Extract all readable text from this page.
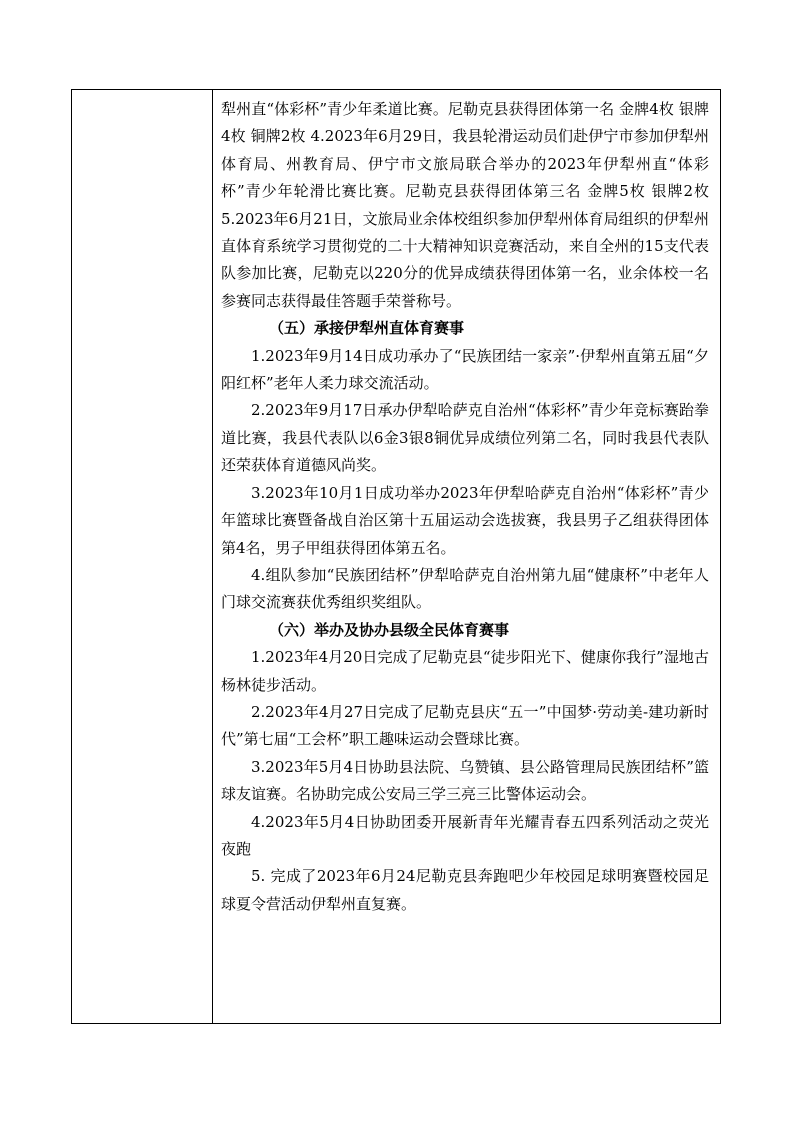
犁州直“体彩杯”青少年柔道比赛。尼勒克县获得团体第一名 金牌4枚 银牌4枚 铜牌2枚 4.2023年6月29日，我县轮滑运动员们赴伊宁市参加伊犁州体育局、州教育局、伊宁市文旅局联合举办的2023年伊犁州直“体彩杯”青少年轮滑比赛比赛。尼勒克县获得团体第三名 金牌5枚 银牌2枚 5.2023年6月21日，文旅局业余体校组织参加伊犁州体育局组织的伊犁州直体育系统学习贯彻党的二十大精神知识竞赛活动，来自全州的15支代表队参加比赛，尼勒克以220分的优异成绩获得团体第一名，业余体校一名参赛同志获得最佳答题手荣誉称号。

（五）承接伊犁州直体育赛事

1.2023年9月14日成功承办了“民族团结一家亲”·伊犁州直第五届“夕阳红杯”老年人柔力球交流活动。

2.2023年9月17日承办伊犁哈萨克自治州“体彩杯”青少年竞标赛跆拳道比赛，我县代表队以6金3银8铜优异成绩位列第二名，同时我县代表队还荣获体育道德风尚奖。

3.2023年10月1日成功举办2023年伊犁哈萨克自治州“体彩杯”青少年篮球比赛暨备战自治区第十五届运动会选拔赛，我县男子乙组获得团体第4名，男子甲组获得团体第五名。

4.组队参加“民族团结杯”伊犁哈萨克自治州第九届“健康杯”中老年人门球交流赛获优秀组织奖组队。

（六）举办及协办县级全民体育赛事

1.2023年4月20日完成了尼勒克县“徒步阳光下、健康你我行”湿地古杨林徒步活动。

2.2023年4月27日完成了尼勒克县庆“五一”中国梦·劳动美-建功新时代”第七届“工会杯”职工趣味运动会暨球比赛。

3.2023年5月4日协助县法院、乌赞镇、县公路管理局民族团结杯”篮球友谊赛。名协助完成公安局三学三亮三比警体运动会。

4.2023年5月4日协助团委开展新青年光耀青春五四系列活动之荧光夜跑

5. 完成了2023年6月24尼勒克县奔跑吧少年校园足球明赛暨校园足球夏令营活动伊犁州直复赛。
